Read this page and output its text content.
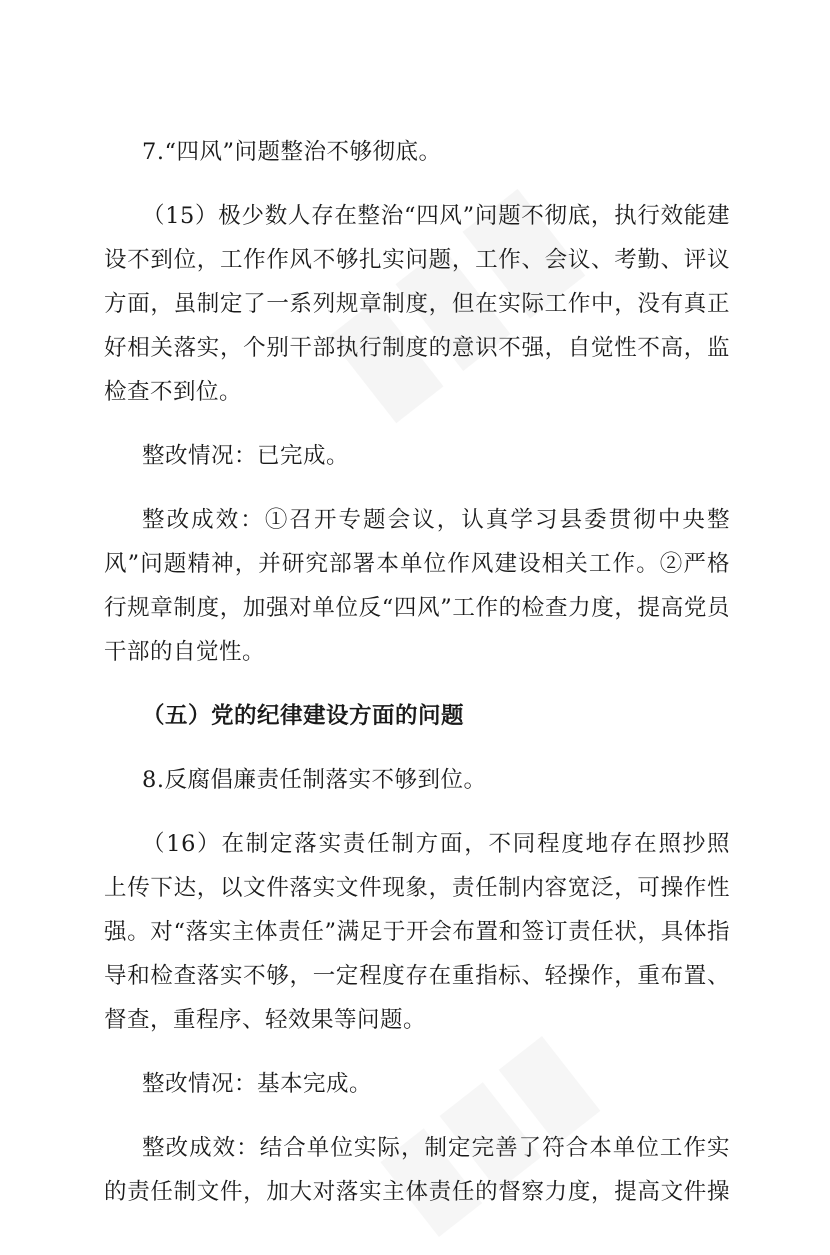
7.“四风”问题整治不够彻底。
（15）极少数人存在整治“四风”问题不彻底，执行效能建
设不到位，工作作风不够扎实问题，工作、会议、考勤、评议
方面，虽制定了一系列规章制度，但在实际工作中，没有真正
好相关落实，个别干部执行制度的意识不强，自觉性不高，监
检查不到位。
整改情况：已完成。
整改成效：①召开专题会议，认真学习县委贯彻中央整
风”问题精神，并研究部署本单位作风建设相关工作。②严格
行规章制度，加强对单位反“四风”工作的检查力度，提高党员
干部的自觉性。
（五）党的纪律建设方面的问题
8.反腐倡廉责任制落实不够到位。
（16）在制定落实责任制方面，不同程度地存在照抄照
上传下达，以文件落实文件现象，责任制内容宽泛，可操作性
强。对“落实主体责任”满足于开会布置和签订责任状，具体指
导和检查落实不够，一定程度存在重指标、轻操作，重布置、
督查，重程序、轻效果等问题。
整改情况：基本完成。
整改成效：结合单位实际，制定完善了符合本单位工作实
的责任制文件，加大对落实主体责任的督察力度，提高文件操
